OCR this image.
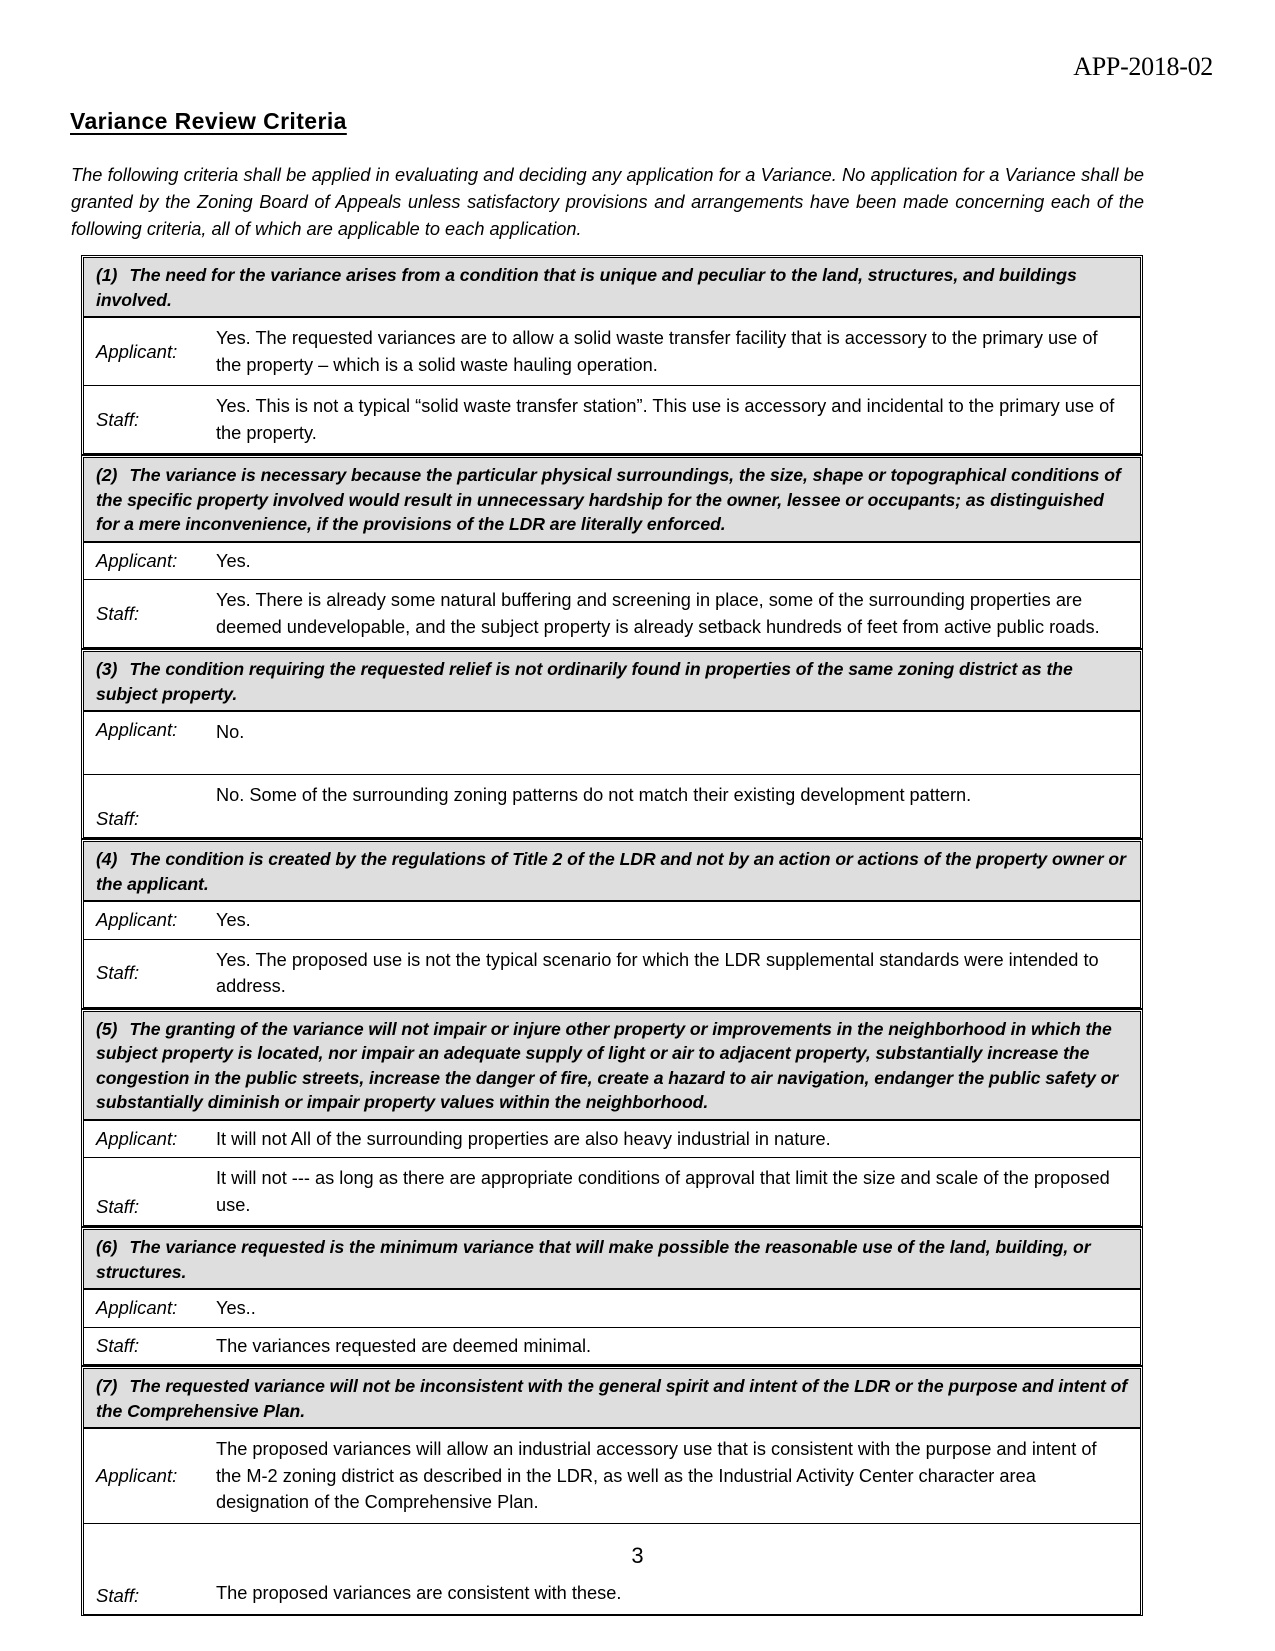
APP-2018-02
Variance Review Criteria
The following criteria shall be applied in evaluating and deciding any application for a Variance. No application for a Variance shall be granted by the Zoning Board of Appeals unless satisfactory provisions and arrangements have been made concerning each of the following criteria, all of which are applicable to each application.
(1) The need for the variance arises from a condition that is unique and peculiar to the land, structures, and buildings involved.
Applicant:
Yes. The requested variances are to allow a solid waste transfer facility that is accessory to the primary use of the property – which is a solid waste hauling operation.
Staff:
Yes. This is not a typical “solid waste transfer station”. This use is accessory and incidental to the primary use of the property.
(2) The variance is necessary because the particular physical surroundings, the size, shape or topographical conditions of the specific property involved would result in unnecessary hardship for the owner, lessee or occupants; as distinguished for a mere inconvenience, if the provisions of the LDR are literally enforced.
Applicant:	Yes.
Staff:
Yes. There is already some natural buffering and screening in place, some of the surrounding properties are deemed undevelopable, and the subject property is already setback hundreds of feet from active public roads.
(3) The condition requiring the requested relief is not ordinarily found in properties of the same zoning district as the subject property.
Applicant:	No.
Staff:
No. Some of the surrounding zoning patterns do not match their existing development pattern.
(4) The condition is created by the regulations of Title 2 of the LDR and not by an action or actions of the property owner or the applicant.
Applicant:	Yes.
Staff:
Yes. The proposed use is not the typical scenario for which the LDR supplemental standards were intended to address.
(5) The granting of the variance will not impair or injure other property or improvements in the neighborhood in which the subject property is located, nor impair an adequate supply of light or air to adjacent property, substantially increase the congestion in the public streets, increase the danger of fire, create a hazard to air navigation, endanger the public safety or substantially diminish or impair property values within the neighborhood.
Applicant:	It will not All of the surrounding properties are also heavy industrial in nature.
Staff:
It will not --- as long as there are appropriate conditions of approval that limit the size and scale of the proposed use.
(6) The variance requested is the minimum variance that will make possible the reasonable use of the land, building, or structures.
Applicant:	Yes..
Staff:	The variances requested are deemed minimal.
(7) The requested variance will not be inconsistent with the general spirit and intent of the LDR or the purpose and intent of the Comprehensive Plan.
Applicant:
The proposed variances will allow an industrial accessory use that is consistent with the purpose and intent of the M-2 zoning district as described in the LDR, as well as the Industrial Activity Center character area designation of the Comprehensive Plan.
Staff:	The proposed variances are consistent with these.
3
